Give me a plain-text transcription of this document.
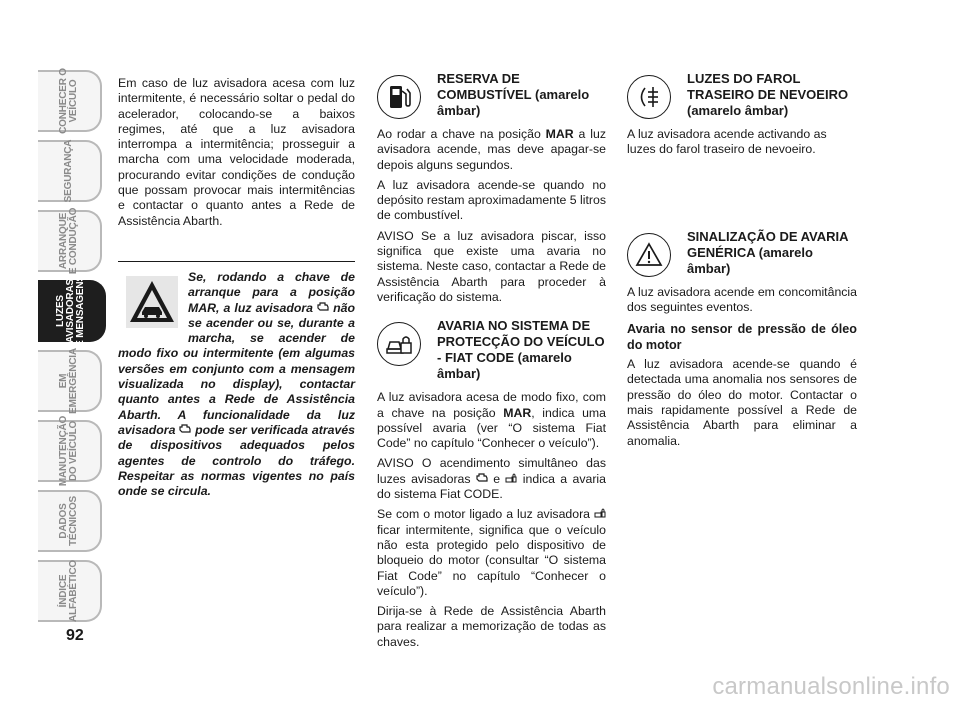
CONHECER O
VEÍCULO
SEGURANÇA
ARRANQUE
E CONDUÇÃO
LUZES
AVISADORAS
E MENSAGENS
EM
EMERGÊNCIA
MANUTENÇÃO
DO VEÍCULO
DADOS
TÉCNICOS
ÍNDICE
ALFABÉTICO
92

Em caso de luz avisadora acesa com luz intermitente, é necessário soltar o pedal do acelerador, colocando-se a baixos regimes, até que a luz avisadora interrompa a intermitência; prosseguir a marcha com uma velocidade moderada, procurando evitar condições de condução que possam provocar mais intermitências e contactar o quanto antes a Rede de Assistência Abarth.

Se, rodando a chave de arranque para a posição MAR, a luz avisadora  não se acender ou se, durante a marcha, se acender de modo fixo ou intermitente (em algumas versões em conjunto com a mensagem visualizada no display), contactar quanto antes a Rede de Assistência Abarth. A funcionalidade da luz avisadora  pode ser verificada através de dispositivos adequados pelos agentes de controlo do tráfego. Respeitar as normas vigentes no país onde se circula.
RESERVA DE COMBUSTÍVEL (amarelo âmbar)

Ao rodar a chave na posição MAR a luz avisadora acende, mas deve apagar-se depois alguns segundos.

A luz avisadora acende-se quando no depósito restam aproximadamente 5 litros de combustível.

AVISO Se a luz avisadora piscar, isso significa que existe uma avaria no sistema. Neste caso, contactar a Rede de Assistência Abarth para proceder à verificação do sistema.

AVARIA NO SISTEMA DE PROTECÇÃO DO VEÍCULO - FIAT CODE (amarelo âmbar)

A luz avisadora acesa de modo fixo, com a chave na posição MAR, indica uma possível avaria (ver “O sistema Fiat Code” no capítulo “Conhecer o veículo”).

AVISO O acendimento simultâneo das luzes avisadoras  e  indica a avaria do sistema Fiat CODE.

Se com o motor ligado a luz avisadora  ficar intermitente, significa que o veículo não esta protegido pelo dispositivo de bloqueio do motor (consultar “O sistema Fiat Code” no capítulo “Conhecer o veículo”).

Dirija-se à Rede de Assistência Abarth para realizar a memorização de todas as chaves.

LUZES DO FAROL TRASEIRO DE NEVOEIRO (amarelo âmbar)

A luz avisadora acende activando as luzes do farol traseiro de nevoeiro.

SINALIZAÇÃO DE AVARIA GENÉRICA (amarelo âmbar)

A luz avisadora acende em concomitância dos seguintes eventos.

Avaria no sensor de pressão de óleo do motor

A luz avisadora acende-se quando é detectada uma anomalia nos sensores de pressão do óleo do motor. Contactar o mais rapidamente possível a Rede de Assistência Abarth para eliminar a anomalia.

carmanualsonline.info
